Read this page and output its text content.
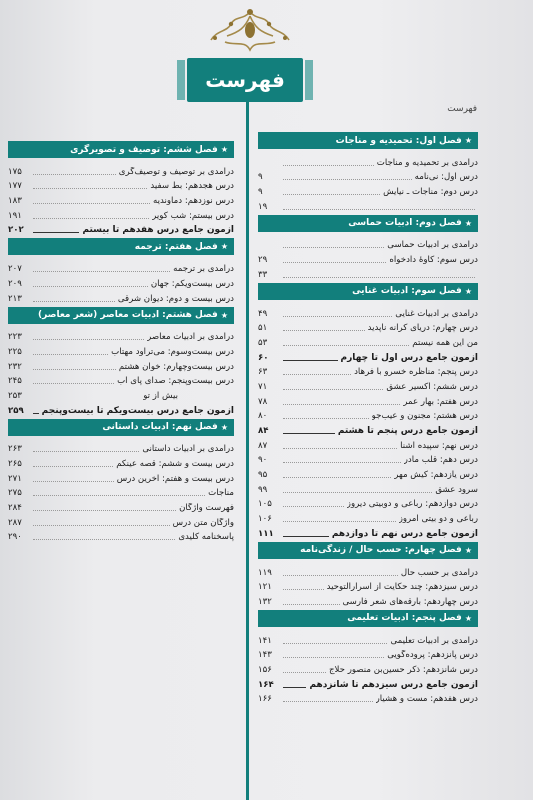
فهرست
فهرست
★
فصل اول: تحمیدیه و مناجات
درآمدی بر تحمیدیه و مناجات
درس اول: نی‌نامه
۹
درس دوم: مناجات ـ نیایش
۹
۱۹
★
فصل دوم: ادبیات حماسی
درآمدی بر ادبیات حماسی
درس سوم: کاوهٔ دادخواه
۲۹
۳۳
★
فصل سوم: ادبیات غنایی
درآمدی بر ادبیات غنایی
۴۹
درس چهارم: دریای کرانه ناپدید
۵۱
من این همه نیستم
۵۳
آزمون جامع درس اول تا چهارم
۶۰
درس پنجم: مناظره خسرو با فرهاد
۶۳
درس ششم: اکسیر عشق
۷۱
درس هفتم: بهار عمر
۷۸
درس هشتم: مجنون و عیب‌جو
۸۰
آزمون جامع درس پنجم تا هشتم
۸۴
درس نهم: سپیده آشنا
۸۷
درس دهم: قلب مادر
۹۰
درس یازدهم: کیش مهر
۹۵
سرود عشق
۹۹
درس دوازدهم: رباعی و دوبیتی دیروز
۱۰۵
رباعی و دو بیتی امروز
۱۰۶
آزمون جامع درس نهم تا دوازدهم
۱۱۱
★
فصل چهارم: حسب حال / زندگی‌نامه
درآمدی بر حسب حال
۱۱۹
درس سیزدهم: چند حکایت از اسرارالتوحید
۱۲۱
درس چهاردهم: بارقه‌های شعر فارسی
۱۳۲
★
فصل پنجم: ادبیات تعلیمی
درآمدی بر ادبیات تعلیمی
۱۴۱
درس پانزدهم: پروده‌گویی
۱۴۳
درس شانزدهم: ذکر حسین‌بن منصور حلاج
۱۵۶
آزمون جامع درس سیزدهم تا شانزدهم
۱۶۴
درس هفدهم: مست و هشیار
۱۶۶
★
فصل ششم: توصیف و تصویرگری
درآمدی بر توصیف و توصیف‌گری
۱۷۵
درس هجدهم: بط سفید
۱۷۷
درس نوزدهم: دماوندیه
۱۸۳
درس بیستم: شب کویر
۱۹۱
آزمون جامع درس هفدهم تا بیستم
۲۰۲
★
فصل هفتم: ترجمه
درآمدی بر ترجمه
۲۰۷
درس بیست‌ویکم: جهان
۲۰۹
درس بیست و دوم: دیوان شرقی
۲۱۳
★
فصل هشتم: ادبیات معاصر (شعر معاصر)
درآمدی بر ادبیات معاصر
۲۲۳
درس بیست‌وسوم: می‌تراود مهتاب
۲۲۵
درس بیست‌وچهارم: خوان هشتم
۲۳۲
درس بیست‌وپنجم: صدای پای آب
۲۴۵
بیش از تو
۲۵۳
آزمون جامع درس بیست‌ویکم تا بیست‌وپنجم
۲۵۹
★
فصل نهم: ادبیات داستانی
درآمدی بر ادبیات داستانی
۲۶۳
درس بیست و ششم: قصه عینکم
۲۶۵
درس بیست و هفتم: آخرین درس
۲۷۱
مناجات
۲۷۵
فهرست واژگان
۲۸۴
واژگان متن درس
۲۸۷
پاسخنامه کلیدی
۲۹۰
